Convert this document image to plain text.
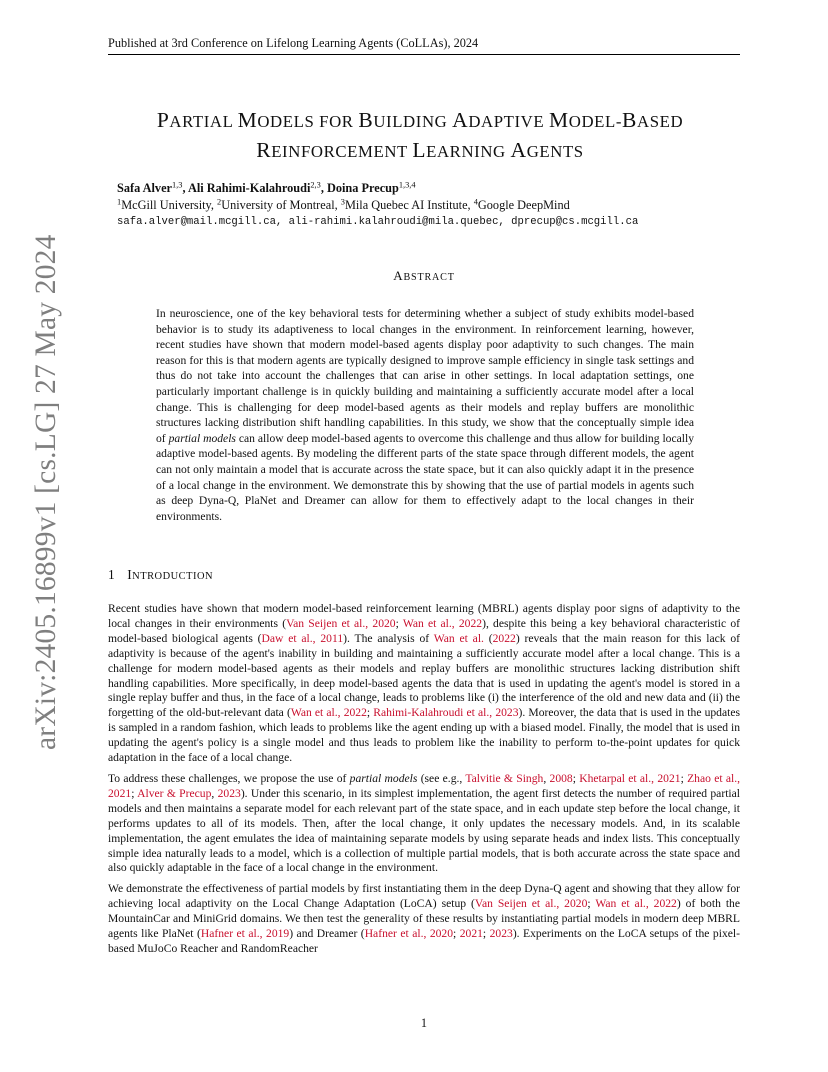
Published at 3rd Conference on Lifelong Learning Agents (CoLLAs), 2024
arXiv:2405.16899v1 [cs.LG] 27 May 2024
PARTIAL MODELS FOR BUILDING ADAPTIVE MODEL-BASED
REINFORCEMENT LEARNING AGENTS
Safa Alver$^{1,3}$, Ali Rahimi-Kalahroudi$^{2,3}$, Doina Precup$^{1,3,4}$
$^1$McGill University, $^2$University of Montreal, $^3$Mila Quebec AI Institute, $^4$Google DeepMind
safa.alver@mail.mcgill.ca, ali-rahimi.kalahroudi@mila.quebec, dprecup@cs.mcgill.ca
ABSTRACT
In neuroscience, one of the key behavioral tests for determining whether a subject of study exhibits model-based behavior is to study its adaptiveness to local changes in the environment. In reinforcement learning, however, recent studies have shown that modern model-based agents display poor adaptivity to such changes. The main reason for this is that modern agents are typically designed to improve sample efficiency in single task settings and thus do not take into account the challenges that can arise in other settings. In local adaptation settings, one particularly important challenge is in quickly building and maintaining a sufficiently accurate model after a local change. This is challenging for deep model-based agents as their models and replay buffers are monolithic structures lacking distribution shift handling capabilities. In this study, we show that the conceptually simple idea of partial models can allow deep model-based agents to overcome this challenge and thus allow for building locally adaptive model-based agents. By modeling the different parts of the state space through different models, the agent can not only maintain a model that is accurate across the state space, but it can also quickly adapt it in the presence of a local change in the environment. We demonstrate this by showing that the use of partial models in agents such as deep Dyna-Q, PlaNet and Dreamer can allow for them to effectively adapt to the local changes in their environments.
1 INTRODUCTION

Recent studies have shown that modern model-based reinforcement learning (MBRL) agents display poor signs of adaptivity to the local changes in their environments (Van Seijen et al., 2020; Wan et al., 2022), despite this being a key behavioral characteristic of model-based biological agents (Daw et al., 2011). The analysis of Wan et al. (2022) reveals that the main reason for this lack of adaptivity is because of the agent's inability in building and maintaining a sufficiently accurate model after a local change. This is a challenge for modern model-based agents as their models and replay buffers are monolithic structures lacking distribution shift handling capabilities. More specifically, in deep model-based agents the data that is used in updating the agent's model is stored in a single replay buffer and thus, in the face of a local change, leads to problems like (i) the interference of the old and new data and (ii) the forgetting of the old-but-relevant data (Wan et al., 2022; Rahimi-Kalahroudi et al., 2023). Moreover, the data that is used in the updates is sampled in a random fashion, which leads to problems like the agent ending up with a biased model. Finally, the model that is used in updating the agent's policy is a single model and thus leads to problem like the inability to perform to-the-point updates for quick adaptation in the face of a local change.

To address these challenges, we propose the use of partial models (see e.g., Talvitie & Singh, 2008; Khetarpal et al., 2021; Zhao et al., 2021; Alver & Precup, 2023). Under this scenario, in its simplest implementation, the agent first detects the number of required partial models and then maintains a separate model for each relevant part of the state space, and in each update step before the local change, it performs updates to all of its models. Then, after the local change, it only updates the necessary models. And, in its scalable implementation, the agent emulates the idea of maintaining separate models by using separate heads and index lists. This conceptually simple idea naturally leads to a model, which is a collection of multiple partial models, that is both accurate across the state space and also quickly adaptable in the face of a local change in the environment.

We demonstrate the effectiveness of partial models by first instantiating them in the deep Dyna-Q agent and showing that they allow for achieving local adaptivity on the Local Change Adaptation (LoCA) setup (Van Seijen et al., 2020; Wan et al., 2022) of both the MountainCar and MiniGrid domains. We then test the generality of these results by instantiating partial models in modern deep MBRL agents like PlaNet (Hafner et al., 2019) and Dreamer (Hafner et al., 2020; 2021; 2023). Experiments on the LoCA setups of the pixel-based MuJoCo Reacher and RandomReacher

1
